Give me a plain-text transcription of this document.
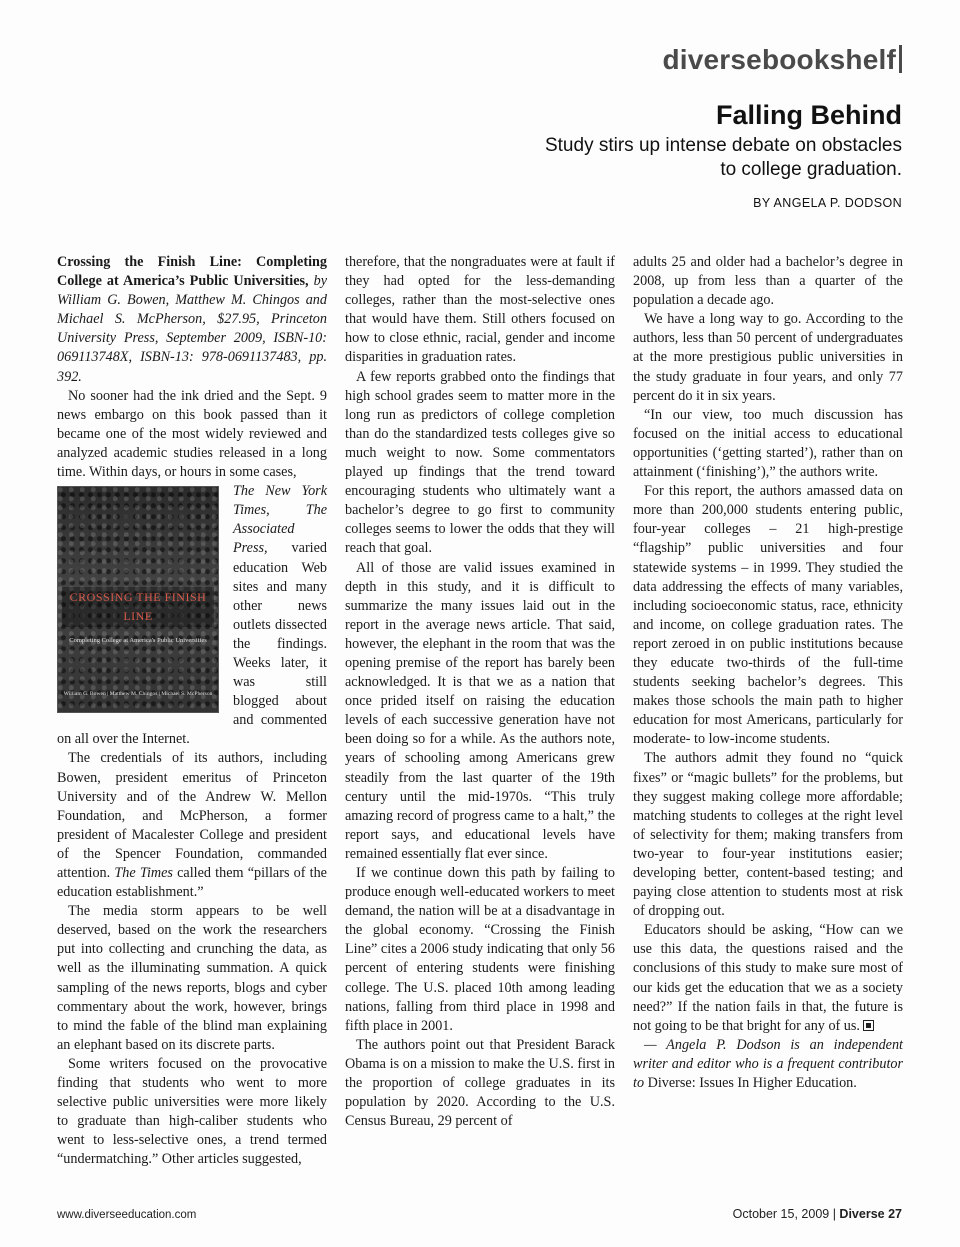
diversebookshelf
Falling Behind
Study stirs up intense debate on obstacles to college graduation.
BY ANGELA P. DODSON

Crossing the Finish Line: Completing College at America’s Public Universities, by William G. Bowen, Matthew M. Chingos and Michael S. McPherson, $27.95, Princeton University Press, September 2009, ISBN-10: 069113748X, ISBN-13: 978-0691137483, pp. 392.

No sooner had the ink dried and the Sept. 9 news embargo on this book passed than it became one of the most widely reviewed and analyzed academic studies released in a long time. Within days, or hours in some cases,

CROSSING THE FINISH LINE
Completing College at America's Public Universities
William G. Bowen | Matthew M. Chingos | Michael S. McPherson
The New York Times, The Associated Press, varied education Web sites and many other news outlets dissected the findings. Weeks later, it was still blogged about and commented on all over the Internet.

The credentials of its authors, including Bowen, president emeritus of Princeton University and of the Andrew W. Mellon Foundation, and McPherson, a former president of Macalester College and president of the Spencer Foundation, commanded attention. The Times called them “pillars of the education establishment.”

The media storm appears to be well deserved, based on the work the researchers put into collecting and crunching the data, as well as the illuminating summation. A quick sampling of the news reports, blogs and cyber commentary about the work, however, brings to mind the fable of the blind man explaining an elephant based on its discrete parts.

Some writers focused on the provocative finding that students who went to more selective public universities were more likely to graduate than high-caliber students who went to less-selective ones, a trend termed “undermatching.” Other articles suggested,

therefore, that the nongraduates were at fault if they had opted for the less-demanding colleges, rather than the most-selective ones that would have them. Still others focused on how to close ethnic, racial, gender and income disparities in graduation rates.

A few reports grabbed onto the findings that high school grades seem to matter more in the long run as predictors of college completion than do the standardized tests colleges give so much weight to now. Some commentators played up findings that the trend toward encouraging students who ultimately want a bachelor’s degree to go first to community colleges seems to lower the odds that they will reach that goal.

All of those are valid issues examined in depth in this study, and it is difficult to summarize the many issues laid out in the report in the average news article. That said, however, the elephant in the room that was the opening premise of the report has barely been acknowledged. It is that we as a nation that once prided itself on raising the education levels of each successive generation have not been doing so for a while. As the authors note, years of schooling among Americans grew steadily from the last quarter of the 19th century until the mid-1970s. “This truly amazing record of progress came to a halt,” the report says, and educational levels have remained essentially flat ever since.

If we continue down this path by failing to produce enough well-educated workers to meet demand, the nation will be at a disadvantage in the global economy. “Crossing the Finish Line” cites a 2006 study indicating that only 56 percent of entering students were finishing college. The U.S. placed 10th among leading nations, falling from third place in 1998 and fifth place in 2001.

The authors point out that President Barack Obama is on a mission to make the U.S. first in the proportion of college graduates in its population by 2020. According to the U.S. Census Bureau, 29 percent of

adults 25 and older had a bachelor’s degree in 2008, up from less than a quarter of the population a decade ago.

We have a long way to go. According to the authors, less than 50 percent of undergraduates at the more prestigious public universities in the study graduate in four years, and only 77 percent do it in six years.

“In our view, too much discussion has focused on the initial access to educational opportunities (‘getting started’), rather than on attainment (‘finishing’),” the authors write.

For this report, the authors amassed data on more than 200,000 students entering public, four-year colleges – 21 high-prestige “flagship” public universities and four statewide systems – in 1999. They studied the data addressing the effects of many variables, including socioeconomic status, race, ethnicity and income, on college graduation rates. The report zeroed in on public institutions because they educate two-thirds of the full-time students seeking bachelor’s degrees. This makes those schools the main path to higher education for most Americans, particularly for moderate- to low-income students.

The authors admit they found no “quick fixes” or “magic bullets” for the problems, but they suggest making college more affordable; matching students to colleges at the right level of selectivity for them; making transfers from two-year to four-year institutions easier; developing better, content-based testing; and paying close attention to students most at risk of dropping out.

Educators should be asking, “How can we use this data, the questions raised and the conclusions of this study to make sure most of our kids get the education that we as a society need?” If the nation fails in that, the future is not going to be that bright for any of us.

— Angela P. Dodson is an independent writer and editor who is a frequent contributor to Diverse: Issues In Higher Education.

www.diverseeducation.com	October 15, 2009 | Diverse 27
